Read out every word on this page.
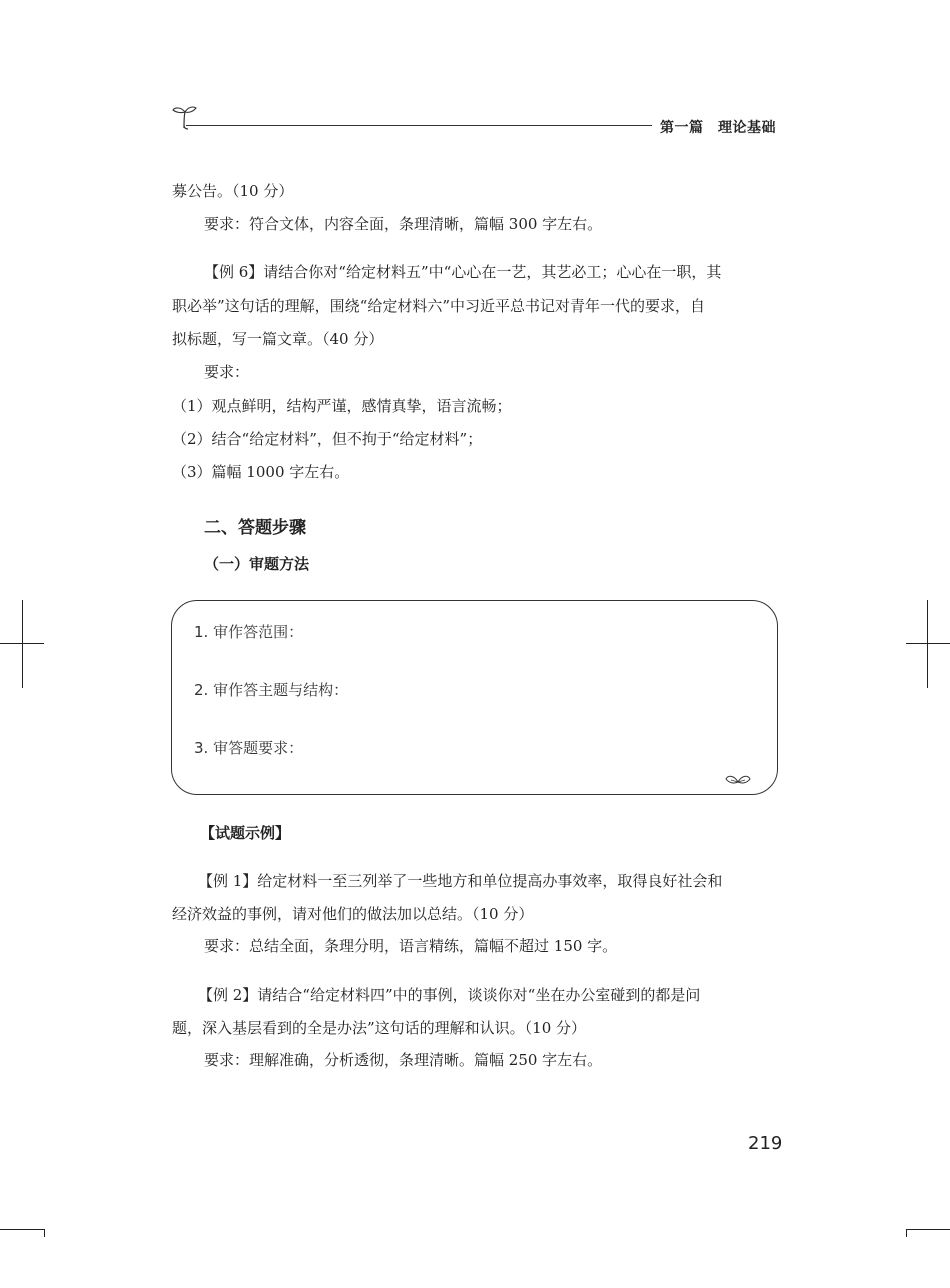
第一篇　理论基础
募公告。（10 分）
要求：符合文体，内容全面，条理清晰，篇幅 300 字左右。
【例 6】请结合你对“给定材料五”中“心心在一艺，其艺必工；心心在一职，其
职必举”这句话的理解，围绕“给定材料六”中习近平总书记对青年一代的要求，自
拟标题，写一篇文章。（40 分）
要求：
（1）观点鲜明，结构严谨，感情真挚，语言流畅；
（2）结合“给定材料”，但不拘于“给定材料”；
（3）篇幅 1000 字左右。
二、答题步骤
（一）审题方法
1. 审作答范围：
2. 审作答主题与结构：
3. 审答题要求：
【试题示例】
【例 1】给定材料一至三列举了一些地方和单位提高办事效率，取得良好社会和
经济效益的事例，请对他们的做法加以总结。（10 分）
要求：总结全面，条理分明，语言精练，篇幅不超过 150 字。
【例 2】请结合“给定材料四”中的事例，谈谈你对“坐在办公室碰到的都是问
题，深入基层看到的全是办法”这句话的理解和认识。（10 分）
要求：理解准确，分析透彻，条理清晰。篇幅 250 字左右。
219
